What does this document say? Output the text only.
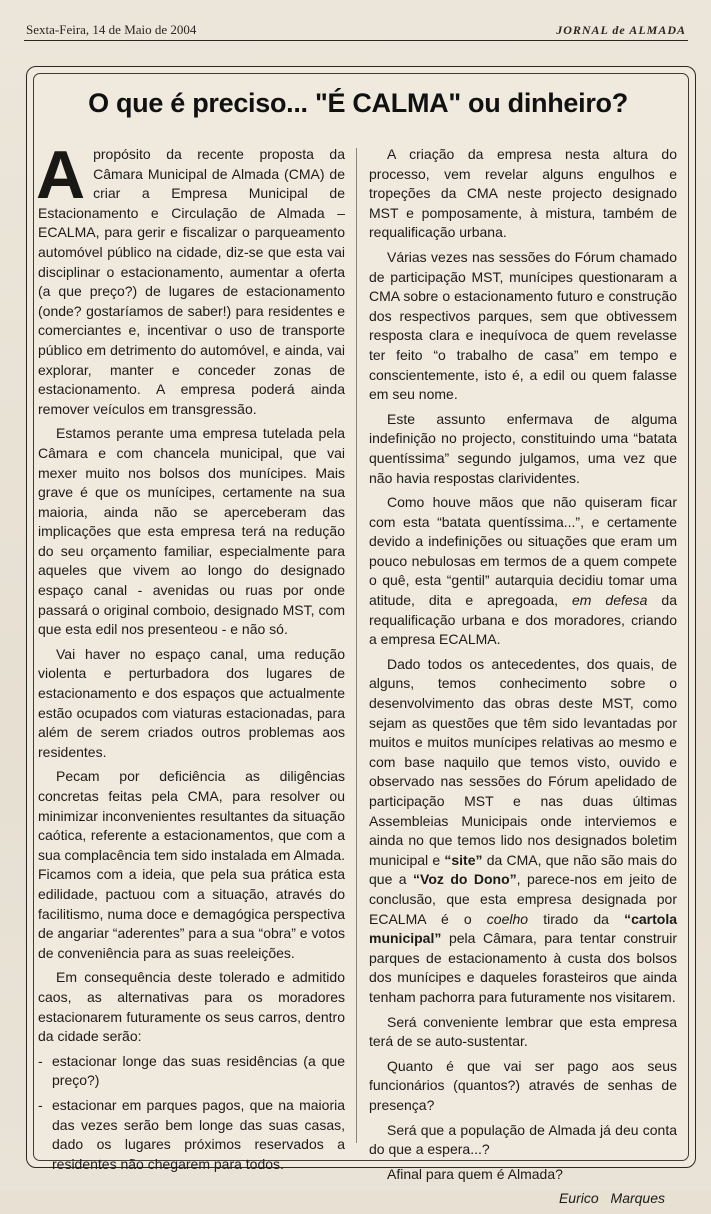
Sexta-Feira, 14 de Maio de 2004	JORNAL de ALMADA
O que é preciso... "É CALMA" ou dinheiro?

Apropósito da recente proposta da Câmara Municipal de Almada (CMA) de criar a Empresa Municipal de Estacionamento e Circulação de Almada – ECALMA, para gerir e fiscalizar o parqueamento automóvel público na cidade, diz-se que esta vai disciplinar o estacionamento, aumentar a oferta (a que preço?) de lugares de estacionamento (onde? gostaríamos de saber!) para residentes e comerciantes e, incentivar o uso de transporte público em detrimento do automóvel, e ainda, vai explorar, manter e conceder zonas de estacionamento. A empresa poderá ainda remover veículos em transgressão.

Estamos perante uma empresa tutelada pela Câmara e com chancela municipal, que vai mexer muito nos bolsos dos munícipes. Mais grave é que os munícipes, certamente na sua maioria, ainda não se aperceberam das implicações que esta empresa terá na redução do seu orçamento familiar, especialmente para aqueles que vivem ao longo do designado espaço canal - avenidas ou ruas por onde passará o original comboio, designado MST, com que esta edil nos presenteou - e não só.

Vai haver no espaço canal, uma redução violenta e perturbadora dos lugares de estacionamento e dos espaços que actualmente estão ocupados com viaturas estacionadas, para além de serem criados outros problemas aos residentes.

Pecam por deficiência as diligências concretas feitas pela CMA, para resolver ou minimizar inconvenientes resultantes da situação caótica, referente a estacionamentos, que com a sua complacência tem sido instalada em Almada. Ficamos com a ideia, que pela sua prática esta edilidade, pactuou com a situação, através do facilitismo, numa doce e demagógica perspectiva de angariar “aderentes” para a sua “obra” e votos de conveniência para as suas reeleições.

Em consequência deste tolerado e admitido caos, as alternativas para os moradores estacionarem futuramente os seus carros, dentro da cidade serão:

- estacionar longe das suas residências (a que preço?)

- estacionar em parques pagos, que na maioria das vezes serão bem longe das suas casas, dado os lugares próximos reservados a residentes não chegarem para todos.

A criação da empresa nesta altura do processo, vem revelar alguns engulhos e tropeções da CMA neste projecto designado MST e pomposamente, à mistura, também de requalificação urbana.

Várias vezes nas sessões do Fórum chamado de participação MST, munícipes questionaram a CMA sobre o estacionamento futuro e construção dos respectivos parques, sem que obtivessem resposta clara e inequívoca de quem revelasse ter feito “o trabalho de casa” em tempo e conscientemente, isto é, a edil ou quem falasse em seu nome.

Este assunto enfermava de alguma indefinição no projecto, constituindo uma “batata quentíssima” segundo julgamos, uma vez que não havia respostas clarividentes.

Como houve mãos que não quiseram ficar com esta “batata quentíssima...”, e certamente devido a indefinições ou situações que eram um pouco nebulosas em termos de a quem compete o quê, esta “gentil” autarquia decidiu tomar uma atitude, dita e apregoada, em defesa da requalificação urbana e dos moradores, criando a empresa ECALMA.

Dado todos os antecedentes, dos quais, de alguns, temos conhecimento sobre o desenvolvimento das obras deste MST, como sejam as questões que têm sido levantadas por muitos e muitos munícipes relativas ao mesmo e com base naquilo que temos visto, ouvido e observado nas sessões do Fórum apelidado de participação MST e nas duas últimas Assembleias Municipais onde interviemos e ainda no que temos lido nos designados boletim municipal e “site” da CMA, que não são mais do que a “Voz do Dono”, parece-nos em jeito de conclusão, que esta empresa designada por ECALMA é o coelho tirado da “cartola municipal” pela Câmara, para tentar construir parques de estacionamento à custa dos bolsos dos munícipes e daqueles forasteiros que ainda tenham pachorra para futuramente nos visitarem.

Será conveniente lembrar que esta empresa terá de se auto-sustentar.

Quanto é que vai ser pago aos seus funcionários (quantos?) através de senhas de presença?

Será que a população de Almada já deu conta do que a espera...?

Afinal para quem é Almada?

Eurico Marques
